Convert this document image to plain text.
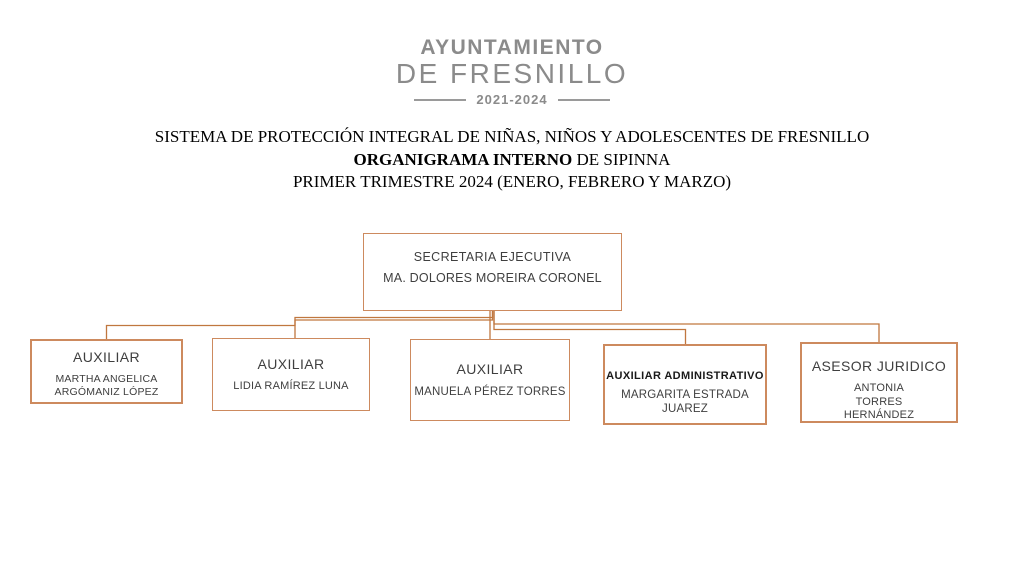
AYUNTAMIENTO
DE FRESNILLO
2021-2024
SISTEMA DE PROTECCIÓN INTEGRAL DE NIÑAS, NIÑOS Y ADOLESCENTES DE FRESNILLO
ORGANIGRAMA INTERNO DE SIPINNA
PRIMER TRIMESTRE 2024 (ENERO, FEBRERO Y MARZO)
SECRETARIA EJECUTIVA
MA. DOLORES MOREIRA CORONEL
AUXILIAR
MARTHA ANGELICA ARGÓMANIZ LÓPEZ
AUXILIAR
LIDIA RAMÍREZ LUNA
AUXILIAR
MANUELA PÉREZ TORRES
AUXILIAR ADMINISTRATIVO
MARGARITA ESTRADA JUAREZ
ASESOR JURIDICO
ANTONIA TORRES HERNÁNDEZ
